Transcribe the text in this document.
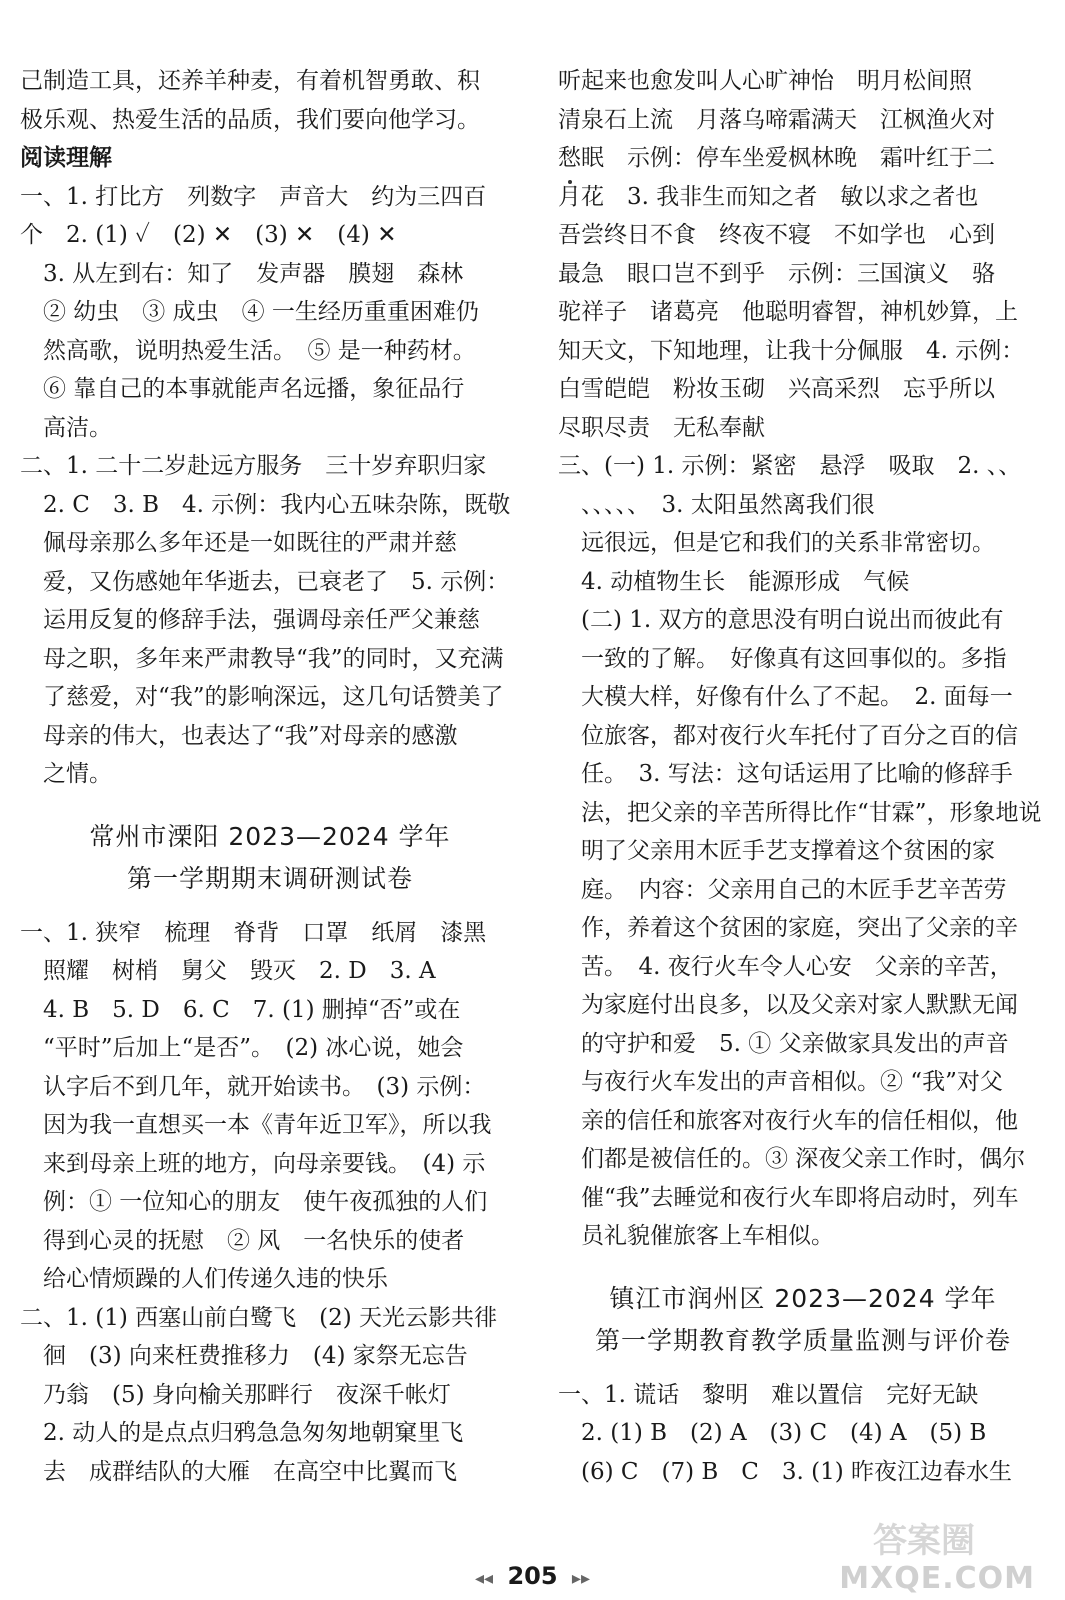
己制造工具，还养羊种麦，有着机智勇敢、积
极乐观、热爱生活的品质，我们要向他学习。

阅读理解

一、1. 打比方　列数字　声音大　约为三四百
个　2. (1) ✓　(2) ✕　(3) ✕　(4) ✕
　3. 从左到右：知了　发声器　膜翅　森林
　② 幼虫　③ 成虫　④ 一生经历重重困难仍
　然高歌，说明热爱生活。　⑤ 是一种药材。
　⑥ 靠自己的本事就能声名远播，象征品行
　高洁。
二、1. 二十二岁赴远方服务　三十岁弃职归家
　2. C　3. B　4. 示例：我内心五味杂陈，既敬
　佩母亲那么多年还是一如既往的严肃并慈
　爱，又伤感她年华逝去，已衰老了　5. 示例：
　运用反复的修辞手法，强调母亲任严父兼慈
　母之职，多年来严肃教导“我”的同时，又充满
　了慈爱，对“我”的影响深远，这几句话赞美了
　母亲的伟大，也表达了“我”对母亲的感激
　之情。

常州市溧阳 2023—2024 学年

第一学期期末调研测试卷

一、1. 狭窄　梳理　脊背　口罩　纸屑　漆黑
　照耀　树梢　舅父　毁灭　2. D　3. A
　4. B　5. D　6. C　7. (1) 删掉“否”或在
　“平时”后加上“是否”。　(2) 冰心说，她会
　认字后不到几年，就开始读书。　(3) 示例：
　因为我一直想买一本《青年近卫军》，所以我
　来到母亲上班的地方，向母亲要钱。　(4) 示
　例：① 一位知心的朋友　使午夜孤独的人们
　得到心灵的抚慰　② 风　一名快乐的使者
　给心情烦躁的人们传递久违的快乐
二、1. (1) 西塞山前白鹭飞　(2) 天光云影共徘
　徊　(3) 向来枉费推移力　(4) 家祭无忘告
　乃翁　(5) 身向榆关那畔行　夜深千帐灯
　2. 动人的是点点归鸦急急匆匆地朝窠里飞
　去　成群结队的大雁　在高空中比翼而飞

听起来也愈发叫人心旷神怡　明月松间照
清泉石上流　月落乌啼霜满天　江枫渔火对
愁眠　示例：停车坐爱枫林晚　霜叶红于二
月花　3. 我非生而知之者　敏以求之者也
吾尝终日不食　终夜不寝　不如学也　心到
最急　眼口岂不到乎　示例：三国演义　骆
驼祥子　诸葛亮　他聪明睿智，神机妙算，上
知天文，下知地理，让我十分佩服　4. 示例：
白雪皑皑　粉妆玉砌　兴高采烈　忘乎所以
尽职尽责　无私奉献

三、(一) 1. 示例：紧密　悬浮　吸取　2. 、、
　、、、、、　3. 太阳虽然离我们很
　远很远，但是它和我们的关系非常密切。
　4. 动植物生长　能源形成　气候
　(二) 1. 双方的意思没有明白说出而彼此有
　一致的了解。　好像真有这回事似的。多指
　大模大样，好像有什么了不起。　2. 面每一
　位旅客，都对夜行火车托付了百分之百的信
　任。　3. 写法：这句话运用了比喻的修辞手
　法，把父亲的辛苦所得比作“甘霖”，形象地说
　明了父亲用木匠手艺支撑着这个贫困的家
　庭。　内容：父亲用自己的木匠手艺辛苦劳
　作，养着这个贫困的家庭，突出了父亲的辛
　苦。　4. 夜行火车令人心安　父亲的辛苦，
　为家庭付出良多，以及父亲对家人默默无闻
　的守护和爱　5. ① 父亲做家具发出的声音
　与夜行火车发出的声音相似。② “我”对父
　亲的信任和旅客对夜行火车的信任相似，他
　们都是被信任的。③ 深夜父亲工作时，偶尔
　催“我”去睡觉和夜行火车即将启动时，列车
　员礼貌催旅客上车相似。

镇江市润州区 2023—2024 学年

第一学期教育教学质量监测与评价卷

一、1. 谎话　黎明　难以置信　完好无缺
　2. (1) B　(2) A　(3) C　(4) A　(5) B
　(6) C　(7) B　C　3. (1) 昨夜江边春水生

◂◂ 205 ▸▸
答案圈
MXQE.COM
